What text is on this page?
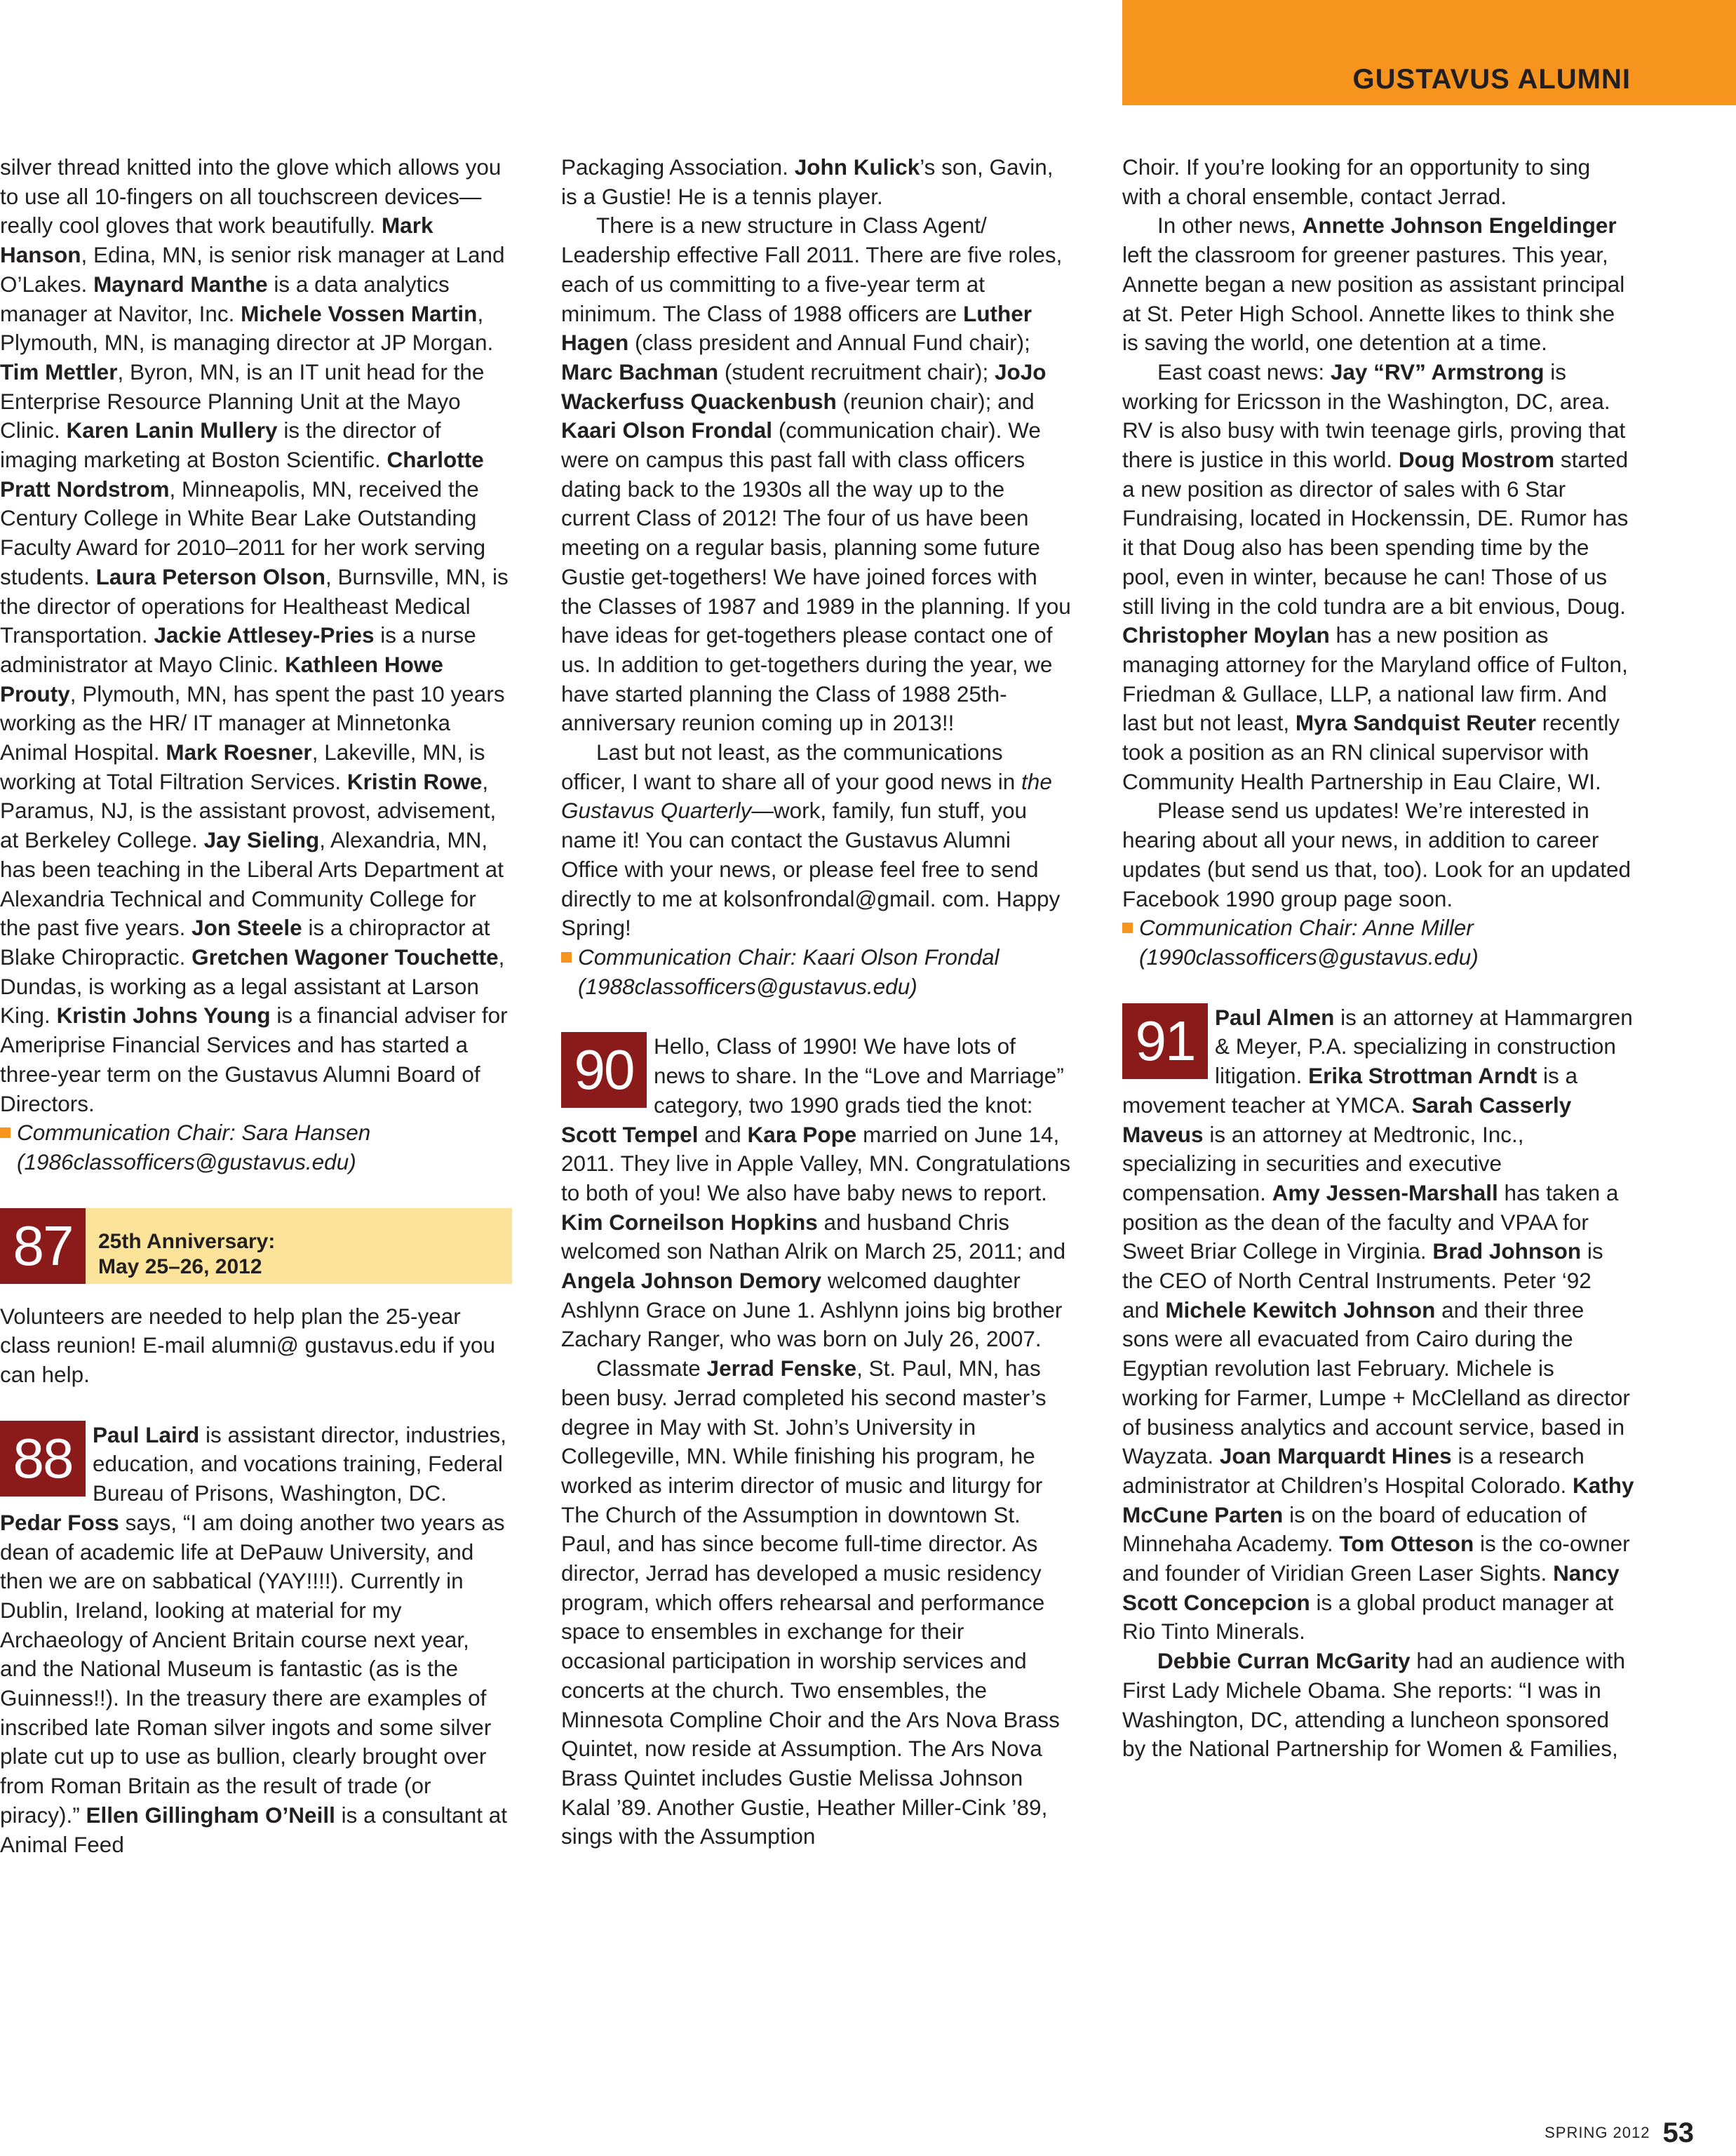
GUSTAVUS ALUMNI

silver thread knitted into the glove which allows you to use all 10-fingers on all touchscreen devices—really cool gloves that work beautifully. Mark Hanson, Edina, MN, is senior risk manager at Land O’Lakes. Maynard Manthe is a data analytics manager at Navitor, Inc. Michele Vossen Martin, Plymouth, MN, is managing director at JP Morgan. Tim Mettler, Byron, MN, is an IT unit head for the Enterprise Resource Planning Unit at the Mayo Clinic. Karen Lanin Mullery is the director of imaging marketing at Boston Scientific. Charlotte Pratt Nordstrom, Minneapolis, MN, received the Century College in White Bear Lake Outstanding Faculty Award for 2010–2011 for her work serving students. Laura Peterson Olson, Burnsville, MN, is the director of operations for Healtheast Medical Transportation. Jackie Attlesey-Pries is a nurse administrator at Mayo Clinic. Kathleen Howe Prouty, Plymouth, MN, has spent the past 10 years working as the HR/ IT manager at Minnetonka Animal Hospital. Mark Roesner, Lakeville, MN, is working at Total Filtration Services. Kristin Rowe, Paramus, NJ, is the assistant provost, advisement, at Berkeley College. Jay Sieling, Alexandria, MN, has been teaching in the Liberal Arts Department at Alexandria Technical and Community College for the past five years. Jon Steele is a chiropractor at Blake Chiropractic. Gretchen Wagoner Touchette, Dundas, is working as a legal assistant at Larson King. Kristin Johns Young is a financial adviser for Ameriprise Financial Services and has started a three-year term on the Gustavus Alumni Board of Directors.

Communication Chair: Sara Hansen (1986classofficers@gustavus.edu)

87	25th Anniversary:
May 25–26, 2012

Volunteers are needed to help plan the 25-year class reunion! E-mail alumni@ gustavus.edu if you can help.

88 Paul Laird is assistant director, industries, education, and vocations training, Federal Bureau of Prisons, Washington, DC. Pedar Foss says, “I am doing another two years as dean of academic life at DePauw University, and then we are on sabbatical (YAY!!!!). Currently in Dublin, Ireland, looking at material for my Archaeology of Ancient Britain course next year, and the National Museum is fantastic (as is the Guinness!!). In the treasury there are examples of inscribed late Roman silver ingots and some silver plate cut up to use as bullion, clearly brought over from Roman Britain as the result of trade (or piracy).” Ellen Gillingham O’Neill is a consultant at Animal Feed

Packaging Association. John Kulick’s son, Gavin, is a Gustie! He is a tennis player.

There is a new structure in Class Agent/ Leadership effective Fall 2011. There are five roles, each of us committing to a five-year term at minimum. The Class of 1988 officers are Luther Hagen (class president and Annual Fund chair); Marc Bachman (student recruitment chair); JoJo Wackerfuss Quackenbush (reunion chair); and Kaari Olson Frondal (communication chair). We were on campus this past fall with class officers dating back to the 1930s all the way up to the current Class of 2012! The four of us have been meeting on a regular basis, planning some future Gustie get-togethers! We have joined forces with the Classes of 1987 and 1989 in the planning. If you have ideas for get-togethers please contact one of us. In addition to get-togethers during the year, we have started planning the Class of 1988 25th-anniversary reunion coming up in 2013!!

Last but not least, as the communications officer, I want to share all of your good news in the Gustavus Quarterly—work, family, fun stuff, you name it! You can contact the Gustavus Alumni Office with your news, or please feel free to send directly to me at kolsonfrondal@gmail. com. Happy Spring!

Communication Chair: Kaari Olson Frondal (1988classofficers@gustavus.edu)

90 Hello, Class of 1990! We have lots of news to share. In the “Love and Marriage” category, two 1990 grads tied the knot: Scott Tempel and Kara Pope married on June 14, 2011. They live in Apple Valley, MN. Congratulations to both of you! We also have baby news to report. Kim Corneilson Hopkins and husband Chris welcomed son Nathan Alrik on March 25, 2011; and Angela Johnson Demory welcomed daughter Ashlynn Grace on June 1. Ashlynn joins big brother Zachary Ranger, who was born on July 26, 2007.

Classmate Jerrad Fenske, St. Paul, MN, has been busy. Jerrad completed his second master’s degree in May with St. John’s University in Collegeville, MN. While finishing his program, he worked as interim director of music and liturgy for The Church of the Assumption in downtown St. Paul, and has since become full-time director. As director, Jerrad has developed a music residency program, which offers rehearsal and performance space to ensembles in exchange for their occasional participation in worship services and concerts at the church. Two ensembles, the Minnesota Compline Choir and the Ars Nova Brass Quintet, now reside at Assumption. The Ars Nova Brass Quintet includes Gustie Melissa Johnson Kalal ’89. Another Gustie, Heather Miller-Cink ’89, sings with the Assumption

Choir. If you’re looking for an opportunity to sing with a choral ensemble, contact Jerrad.

In other news, Annette Johnson Engeldinger left the classroom for greener pastures. This year, Annette began a new position as assistant principal at St. Peter High School. Annette likes to think she is saving the world, one detention at a time.

East coast news: Jay “RV” Armstrong is working for Ericsson in the Washington, DC, area. RV is also busy with twin teenage girls, proving that there is justice in this world. Doug Mostrom started a new position as director of sales with 6 Star Fundraising, located in Hockenssin, DE. Rumor has it that Doug also has been spending time by the pool, even in winter, because he can! Those of us still living in the cold tundra are a bit envious, Doug. Christopher Moylan has a new position as managing attorney for the Maryland office of Fulton, Friedman & Gullace, LLP, a national law firm. And last but not least, Myra Sandquist Reuter recently took a position as an RN clinical supervisor with Community Health Partnership in Eau Claire, WI.

Please send us updates! We’re interested in hearing about all your news, in addition to career updates (but send us that, too). Look for an updated Facebook 1990 group page soon.

Communication Chair: Anne Miller (1990classofficers@gustavus.edu)

91 Paul Almen is an attorney at Hammargren & Meyer, P.A. specializing in construction litigation. Erika Strottman Arndt is a movement teacher at YMCA. Sarah Casserly Maveus is an attorney at Medtronic, Inc., specializing in securities and executive compensation. Amy Jessen-Marshall has taken a position as the dean of the faculty and VPAA for Sweet Briar College in Virginia. Brad Johnson is the CEO of North Central Instruments. Peter ‘92 and Michele Kewitch Johnson and their three sons were all evacuated from Cairo during the Egyptian revolution last February. Michele is working for Farmer, Lumpe + McClelland as director of business analytics and account service, based in Wayzata. Joan Marquardt Hines is a research administrator at Children’s Hospital Colorado. Kathy McCune Parten is on the board of education of Minnehaha Academy. Tom Otteson is the co-owner and founder of Viridian Green Laser Sights. Nancy Scott Concepcion is a global product manager at Rio Tinto Minerals.

Debbie Curran McGarity had an audience with First Lady Michele Obama. She reports: “I was in Washington, DC, attending a luncheon sponsored by the National Partnership for Women & Families,

SPRING 2012 53
